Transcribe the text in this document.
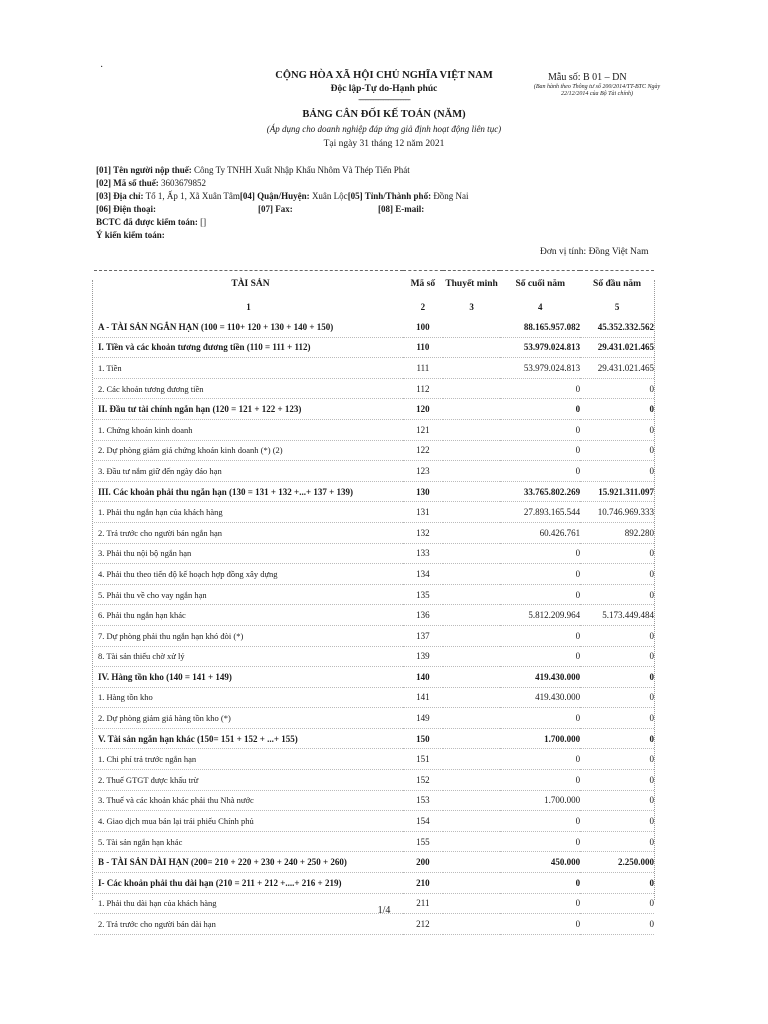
·
CỘNG HÒA XÃ HỘI CHỦ NGHĨA VIỆT NAM
Độc lập-Tự do-Hạnh phúc
-------------------------------
Mẫu số: B 01 – DN
(Ban hành theo Thông tư số 200/2014/TT-BTC Ngày 22/12/2014 của Bộ Tài chính)
BẢNG CÂN ĐỐI KẾ TOÁN (NĂM)
(Áp dụng cho doanh nghiệp đáp ứng giả định hoạt động liên tục)
Tại ngày 31 tháng 12 năm 2021
[01] Tên người nộp thuế: Công Ty TNHH Xuất Nhập Khẩu Nhôm Và Thép Tiến Phát
[02] Mã số thuế: 3603679852
[03] Địa chỉ: Tổ 1, Ấp 1, Xã Xuân Tâm[04] Quận/Huyện: Xuân Lộc[05] Tỉnh/Thành phố: Đồng Nai
[06] Điện thoại:	[07] Fax:	[08] E-mail:
BCTC đã được kiểm toán: []
Ý kiến kiểm toán:
Đơn vị tính: Đồng Việt Nam
TÀI SẢN	Mã số	Thuyết minh	Số cuối năm	Số đầu năm
1	2	3	4	5
A - TÀI SẢN NGẮN HẠN (100 = 110+ 120 + 130 + 140 + 150)	100		88.165.957.082	45.352.332.562
I. Tiền và các khoản tương đương tiền (110 = 111 + 112)	110		53.979.024.813	29.431.021.465
1. Tiền	111		53.979.024.813	29.431.021.465
2. Các khoản tương đương tiền	112		0	0
II. Đầu tư tài chính ngắn hạn (120 = 121 + 122 + 123)	120		0	0
1. Chứng khoán kinh doanh	121		0	0
2. Dự phòng giảm giá chứng khoán kinh doanh (*) (2)	122		0	0
3. Đầu tư nắm giữ đến ngày đáo hạn	123		0	0
III. Các khoản phải thu ngắn hạn (130 = 131 + 132 +...+ 137 + 139)	130		33.765.802.269	15.921.311.097
1. Phải thu ngắn hạn của khách hàng	131		27.893.165.544	10.746.969.333
2. Trả trước cho người bán ngắn hạn	132		60.426.761	892.280
3. Phải thu nội bộ ngắn hạn	133		0	0
4. Phải thu theo tiến độ kế hoạch hợp đồng xây dựng	134		0	0
5. Phải thu về cho vay ngắn hạn	135		0	0
6. Phải thu ngắn hạn khác	136		5.812.209.964	5.173.449.484
7. Dự phòng phải thu ngắn hạn khó đòi (*)	137		0	0
8. Tài sản thiếu chờ xử lý	139		0	0
IV. Hàng tồn kho (140 = 141 + 149)	140		419.430.000	0
1. Hàng tồn kho	141		419.430.000	0
2. Dự phòng giảm giá hàng tồn kho (*)	149		0	0
V. Tài sản ngắn hạn khác (150= 151 + 152 + ...+ 155)	150		1.700.000	0
1. Chi phí trả trước ngắn hạn	151		0	0
2. Thuế GTGT được khấu trừ	152		0	0
3. Thuế và các khoản khác phải thu Nhà nước	153		1.700.000	0
4. Giao dịch mua bán lại trái phiếu Chính phủ	154		0	0
5. Tài sản ngắn hạn khác	155		0	0
B - TÀI SẢN DÀI HẠN (200= 210 + 220 + 230 + 240 + 250 + 260)	200		450.000	2.250.000
I- Các khoản phải thu dài hạn (210 = 211 + 212 +....+ 216 + 219)	210		0	0
1. Phải thu dài hạn của khách hàng	211		0	0
2. Trả trước cho người bán dài hạn	212		0	0
1/4
